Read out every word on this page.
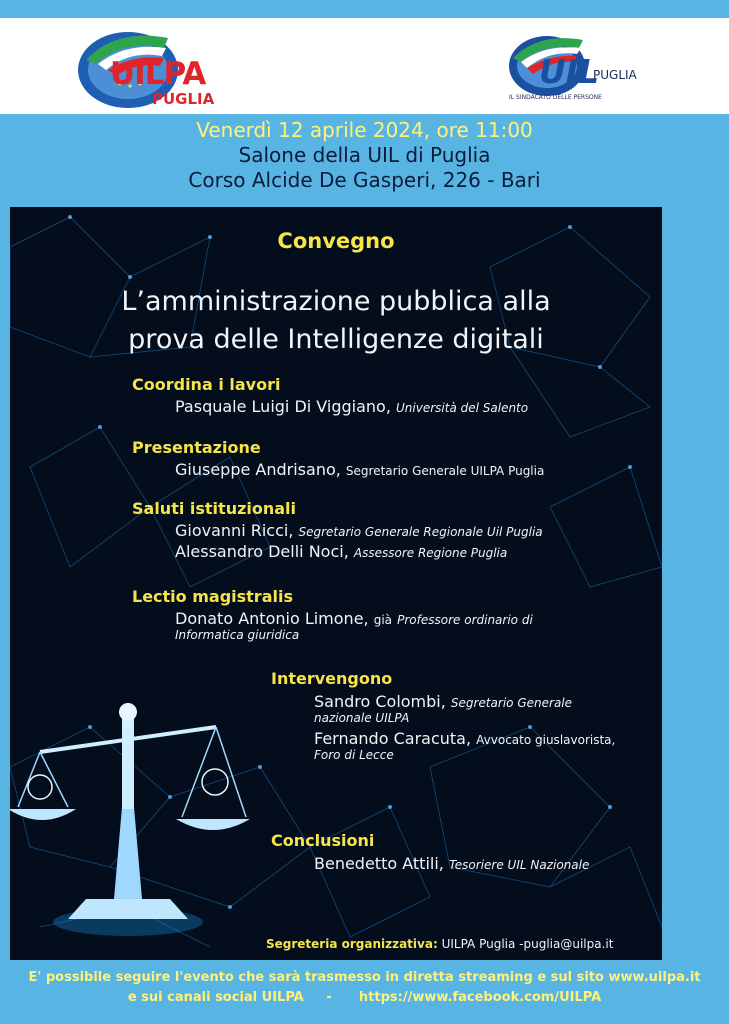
UILPA
PUGLIA
UIL
PUGLIA
IL SINDACATO DELLE PERSONE
Venerdì 12 aprile 2024, ore 11:00
Salone della UIL di Puglia
Corso Alcide De Gasperi, 226 - Bari
Convegno
L’amministrazione pubblica alla
prova delle Intelligenze digitali
Coordina i lavori
Pasquale Luigi Di Viggiano, Università del Salento
Presentazione
Giuseppe Andrisano, Segretario Generale UILPA Puglia
Saluti istituzionali
Giovanni Ricci, Segretario Generale Regionale Uil Puglia
Alessandro Delli Noci, Assessore Regione Puglia
Lectio magistralis
Donato Antonio Limone, già Professore ordinario di
Informatica giuridica
Intervengono
Sandro Colombi, Segretario Generale
nazionale UILPA
Fernando Caracuta, Avvocato giuslavorista,
Foro di Lecce
Conclusioni
Benedetto Attili, Tesoriere UIL Nazionale
Segreteria organizzativa: UILPA Puglia -puglia@uilpa.it
E' possibile seguire l'evento che sarà trasmesso in diretta streaming e sul sito www.uilpa.it
e sui canali social UILPA     -      https://www.facebook.com/UILPA
